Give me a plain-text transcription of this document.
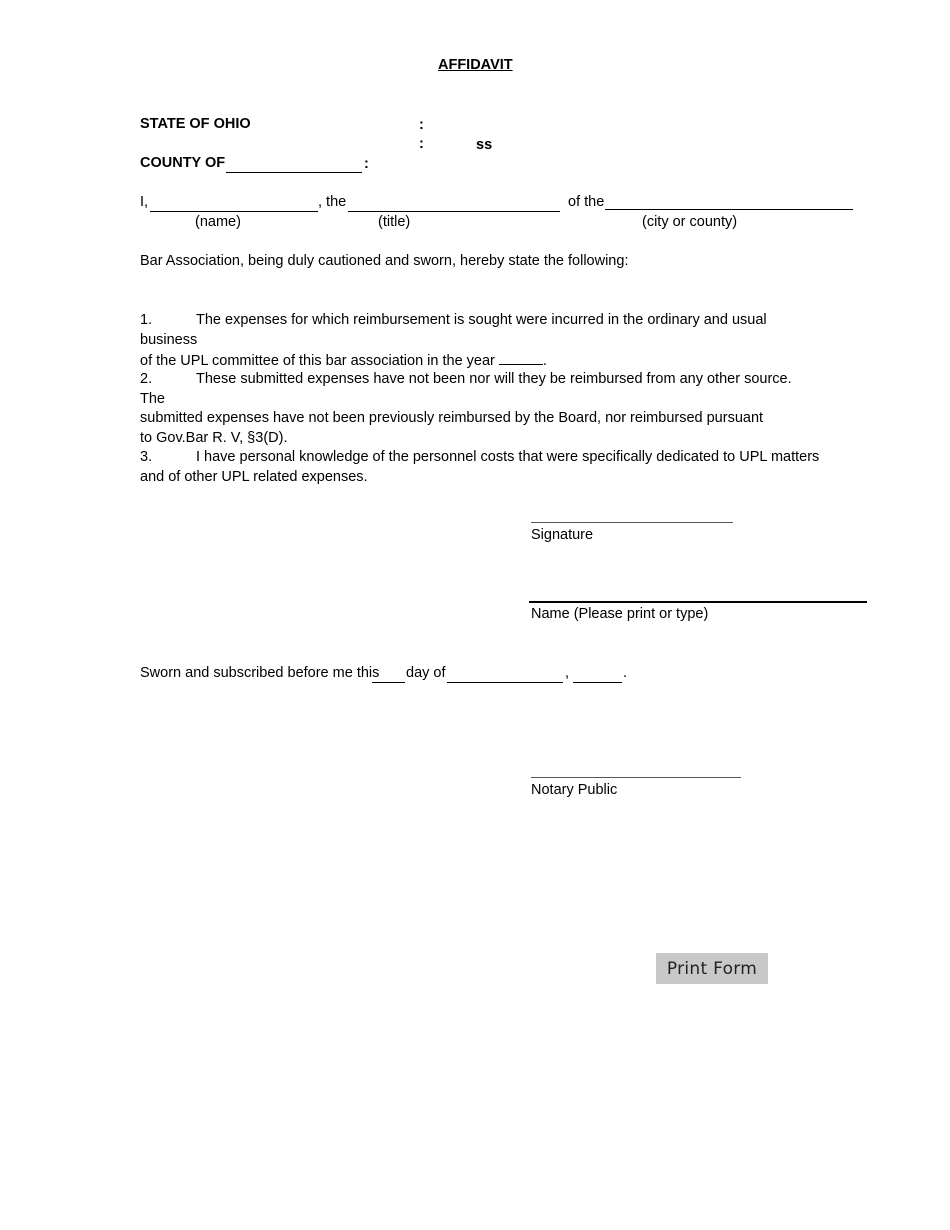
AFFIDAVIT
STATE OF OHIO	:
:	ss
COUNTY OF	:
I,	, the	of the
(name)	(title)	(city or county)
Bar Association, being duly cautioned and sworn, hereby state the following:
1.	The expenses for which reimbursement is sought were incurred in the ordinary and usual business
of the UPL committee of this bar association in the year	.
2.	These submitted expenses have not been nor will they be reimbursed from any other source. The
submitted expenses have not been previously reimbursed by the Board, nor reimbursed pursuant to Gov.Bar R. V, §3(D).
3.	I have personal knowledge of the personnel costs that were specifically dedicated to UPL matters
and of other UPL related expenses.
Signature
Name (Please print or type)
Sworn and subscribed before me this day of	,	.
Notary Public
Print Form
